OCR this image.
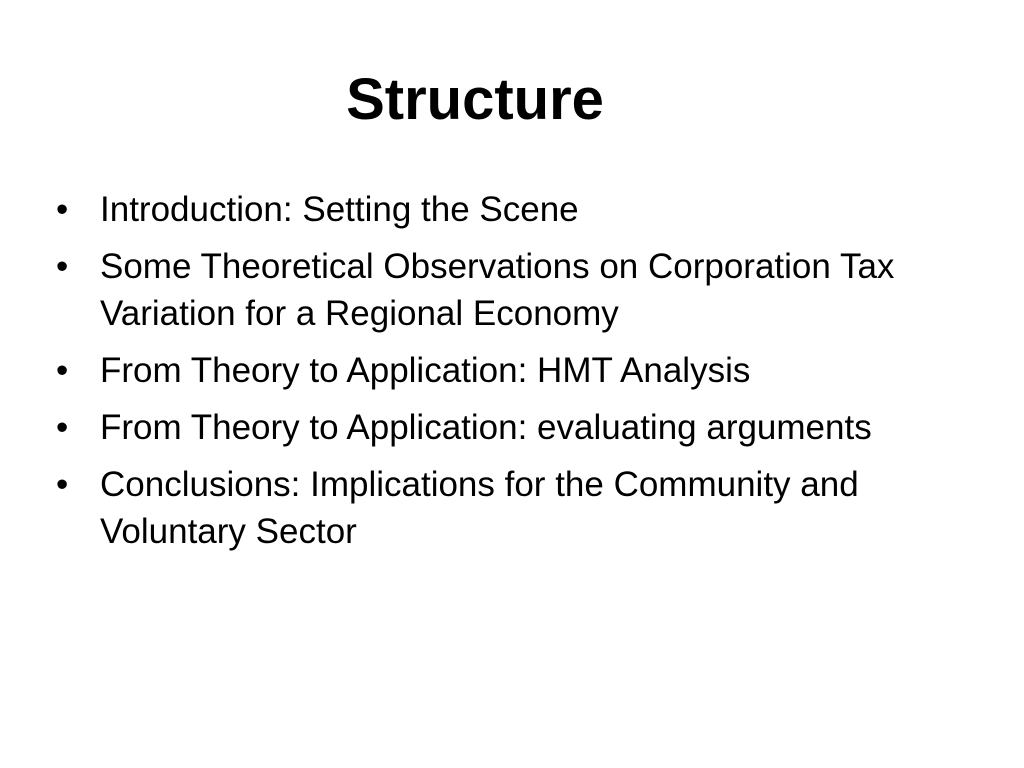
Structure
• Introduction: Setting the Scene
• Some Theoretical Observations on Corporation Tax Variation for a Regional Economy
• From Theory to Application: HMT Analysis
• From Theory to Application: evaluating arguments
• Conclusions: Implications for the Community and Voluntary Sector
